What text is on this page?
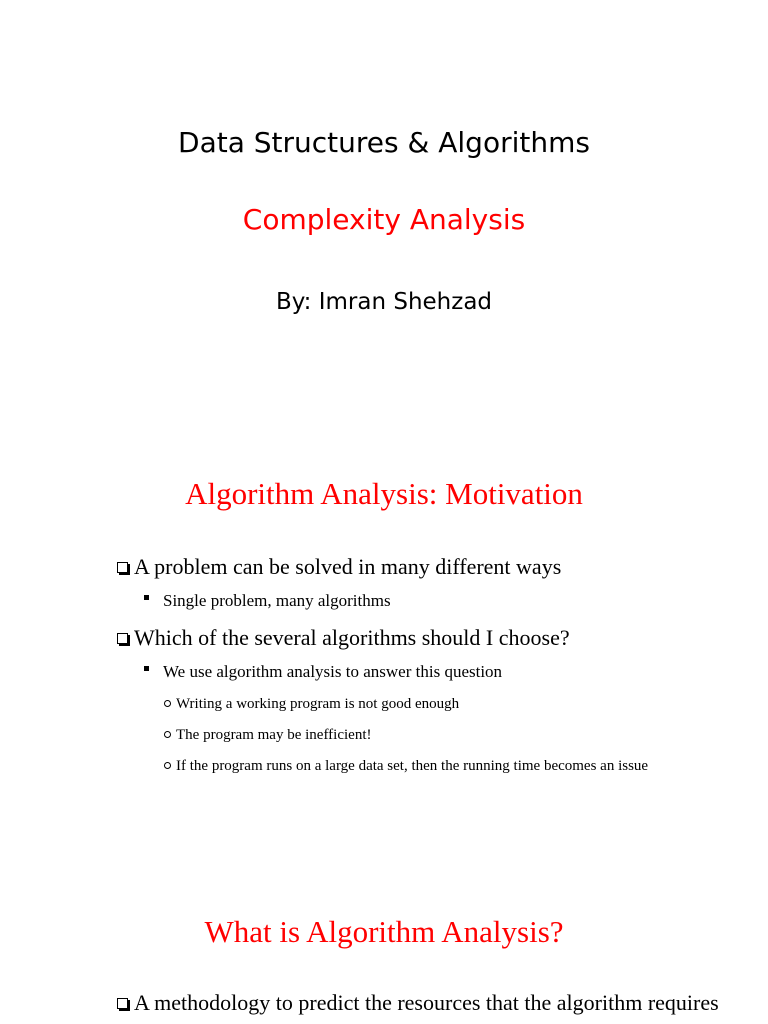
Data Structures & Algorithms
Complexity Analysis
By: Imran Shehzad
Algorithm Analysis: Motivation
A problem can be solved in many different ways
Single problem, many algorithms
Which of the several algorithms should I choose?
We use algorithm analysis to answer this question
Writing a working program is not good enough
The program may be inefficient!
If the program runs on a large data set, then the running time becomes an issue
What is Algorithm Analysis?
A methodology to predict the resources that the algorithm requires
